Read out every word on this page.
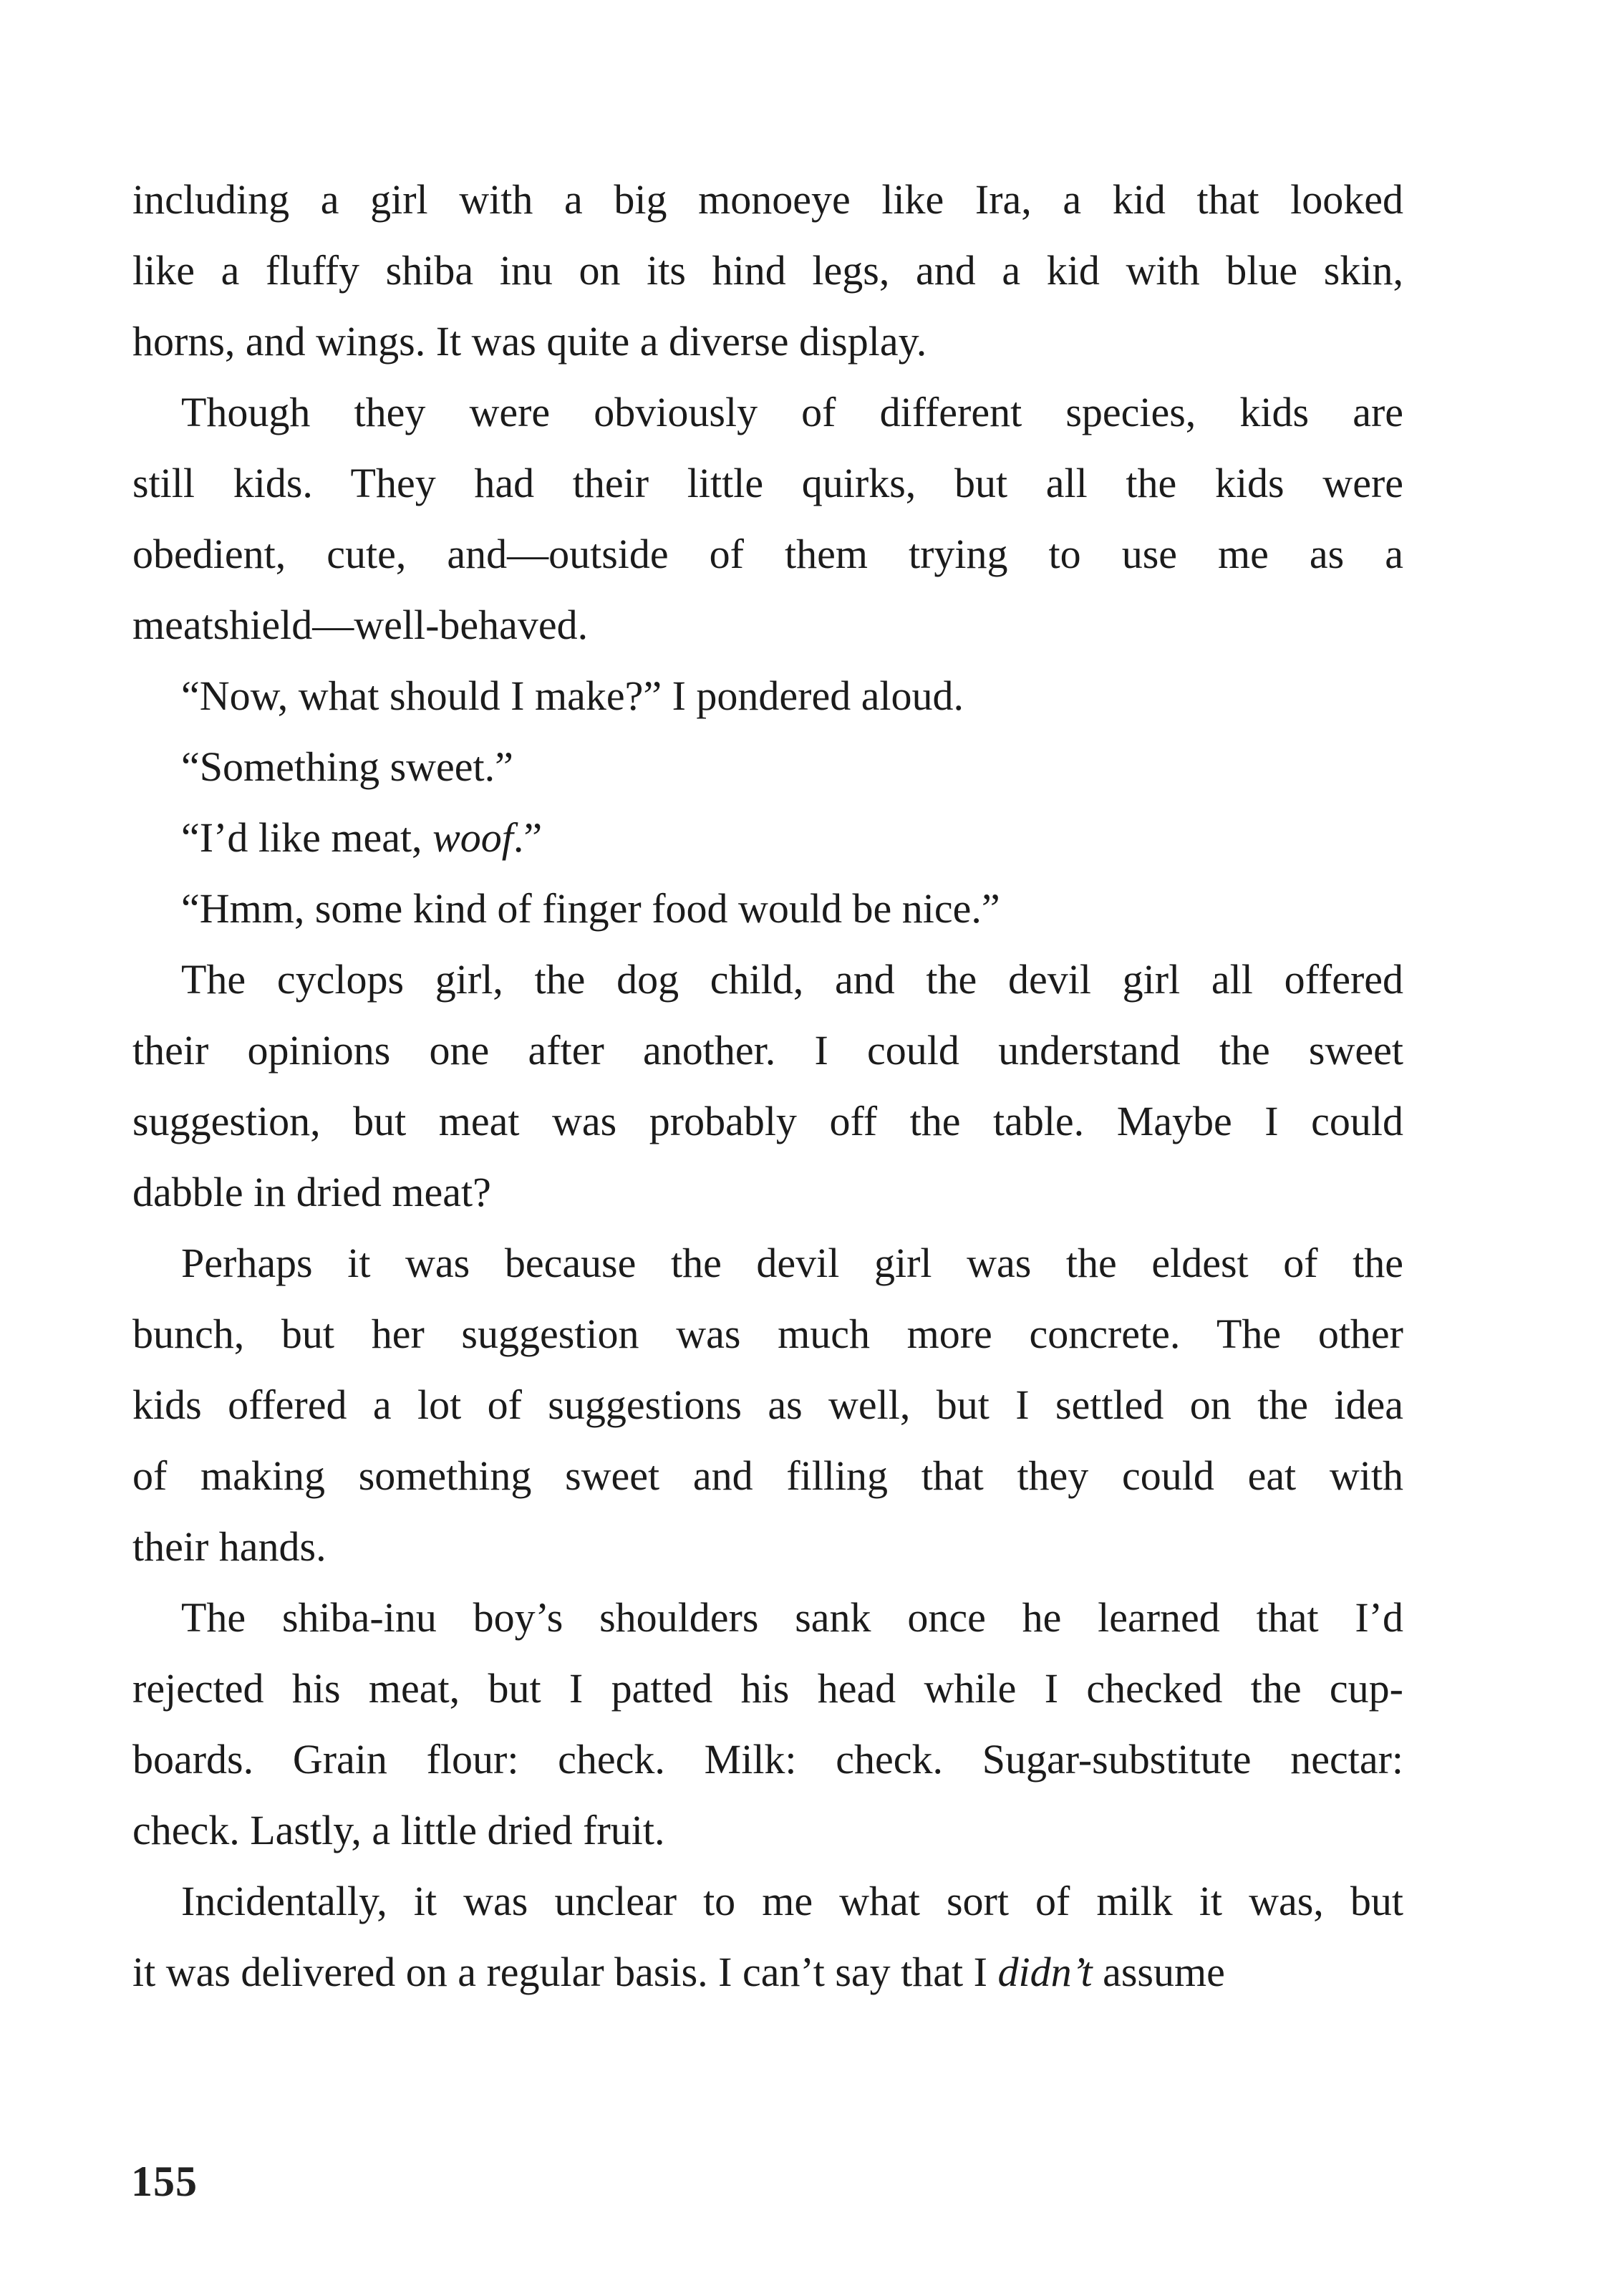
including a girl with a big monoeye like Ira, a kid that looked
like a fluffy shiba inu on its hind legs, and a kid with blue skin,
horns, and wings. It was quite a diverse display.
Though they were obviously of different species, kids are
still kids. They had their little quirks, but all the kids were
obedient, cute, and—outside of them trying to use me as a
meatshield—well-behaved.
“Now, what should I make?” I pondered aloud.
“Something sweet.”
“I’d like meat, woof.”
“Hmm, some kind of finger food would be nice.”
The cyclops girl, the dog child, and the devil girl all offered
their opinions one after another. I could understand the sweet
suggestion, but meat was probably off the table. Maybe I could
dabble in dried meat?
Perhaps it was because the devil girl was the eldest of the
bunch, but her suggestion was much more concrete. The other
kids offered a lot of suggestions as well, but I settled on the idea
of making something sweet and filling that they could eat with
their hands.
The shiba-inu boy’s shoulders sank once he learned that I’d
rejected his meat, but I patted his head while I checked the cup-
boards. Grain flour: check. Milk: check. Sugar-substitute nectar:
check. Lastly, a little dried fruit.
Incidentally, it was unclear to me what sort of milk it was, but
it was delivered on a regular basis. I can’t say that I didn’t assume
155
